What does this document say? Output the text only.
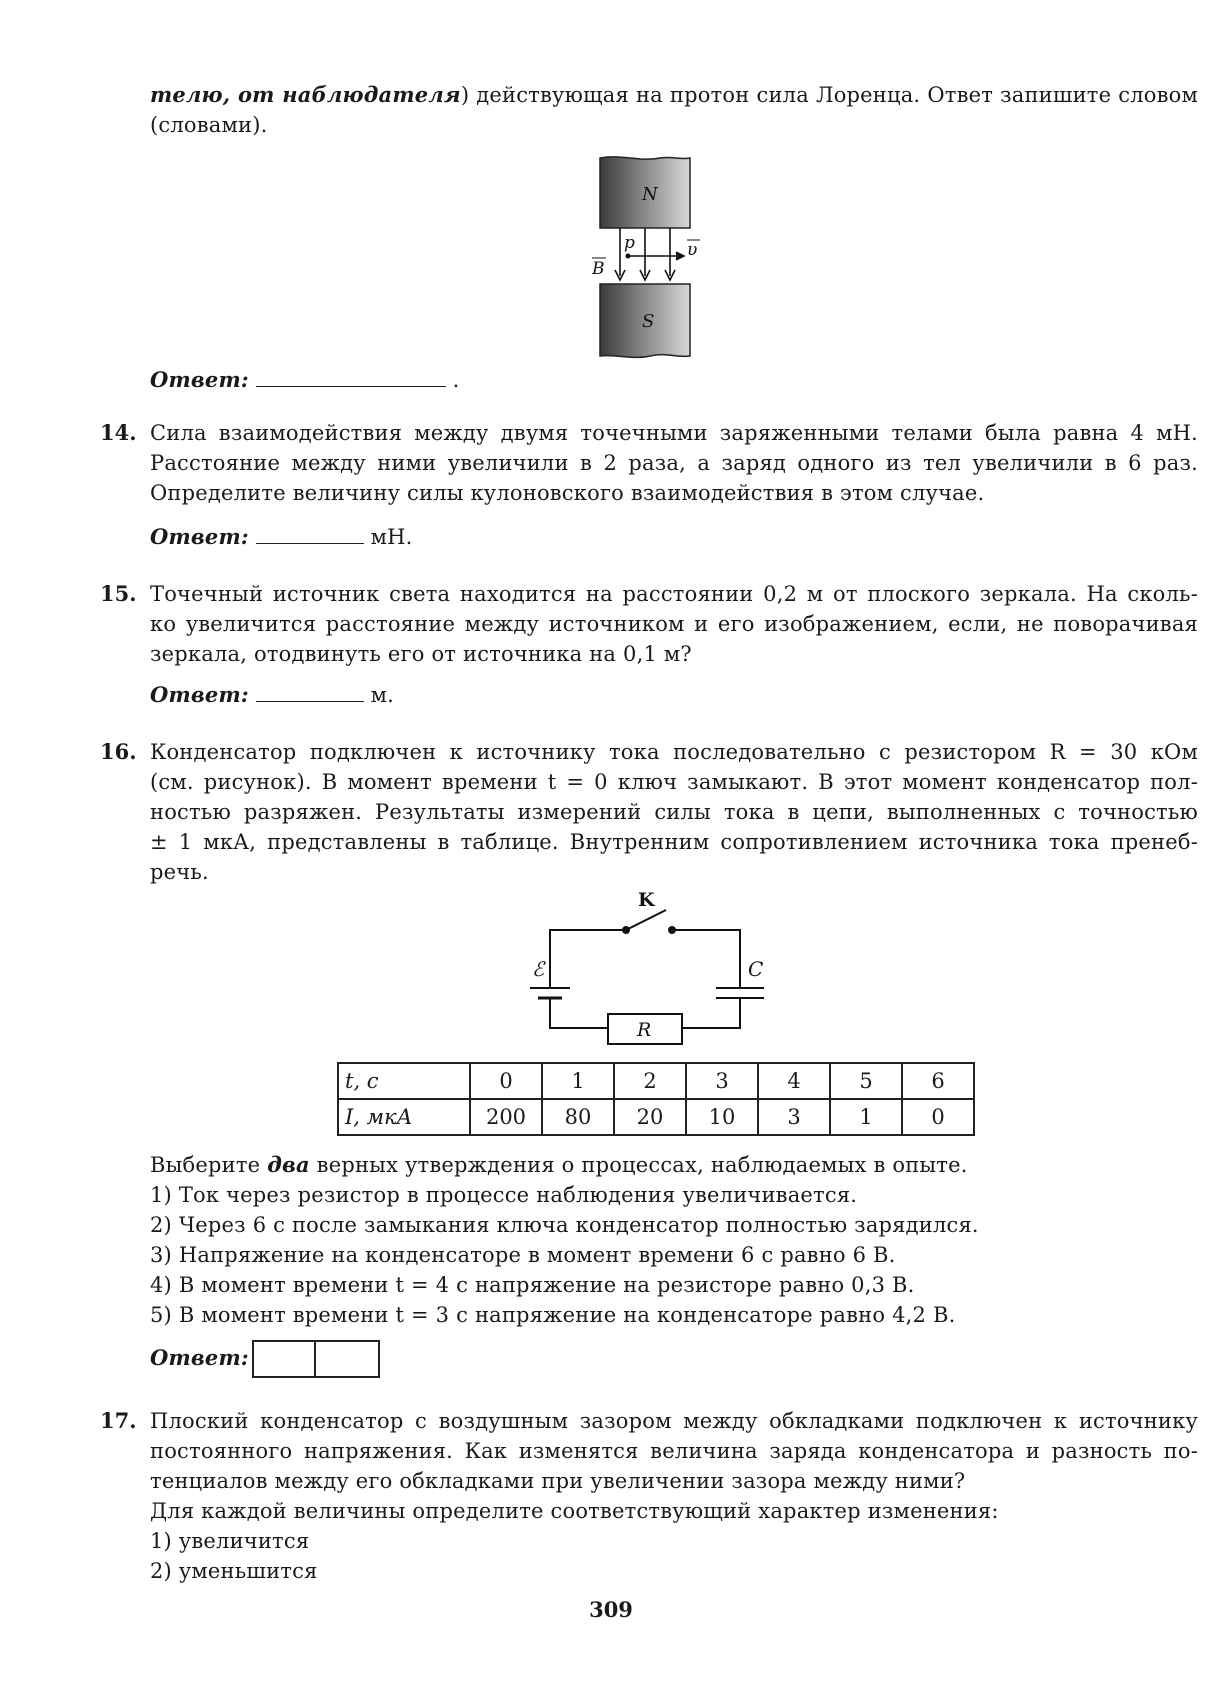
телю, от наблюдателя) действующая на протон сила Лоренца. Ответ запишите словом
(словами).
N
S
B
p	υ
Ответ:	.
14. Сила взаимодействия между двумя точечными заряженными телами была равна 4 мН.
Расстояние между ними увеличили в 2 раза, а заряд одного из тел увеличили в 6 раз.
Определите величину силы кулоновского взаимодействия в этом случае.
Ответ:	мН.
15. Точечный источник света находится на расстоянии 0,2 м от плоского зеркала. На сколь-
ко увеличится расстояние между источником и его изображением, если, не поворачивая
зеркала, отодвинуть его от источника на 0,1 м?
Ответ:	м.
16. Конденсатор подключен к источнику тока последовательно с резистором R = 30 кОм
(см. рисунок). В момент времени t = 0 ключ замыкают. В этот момент конденсатор пол-
ностью разряжен. Результаты измерений силы тока в цепи, выполненных с точностью
± 1 мкА, представлены в таблице. Внутренним сопротивлением источника тока пренеб-
речь.
K
ℰ	C
R
t, с	0	1	2	3	4	5	6
I, мкА	200	80	20	10	3	1	0
Выберите два верных утверждения о процессах, наблюдаемых в опыте.
1) Ток через резистор в процессе наблюдения увеличивается.
2) Через 6 с после замыкания ключа конденсатор полностью зарядился.
3) Напряжение на конденсаторе в момент времени 6 с равно 6 В.
4) В момент времени t = 4 с напряжение на резисторе равно 0,3 В.
5) В момент времени t = 3 с напряжение на конденсаторе равно 4,2 В.
Ответ:
17. Плоский конденсатор с воздушным зазором между обкладками подключен к источнику
постоянного напряжения. Как изменятся величина заряда конденсатора и разность по-
тенциалов между его обкладками при увеличении зазора между ними?
Для каждой величины определите соответствующий характер изменения:
1) увеличится
2) уменьшится
309
